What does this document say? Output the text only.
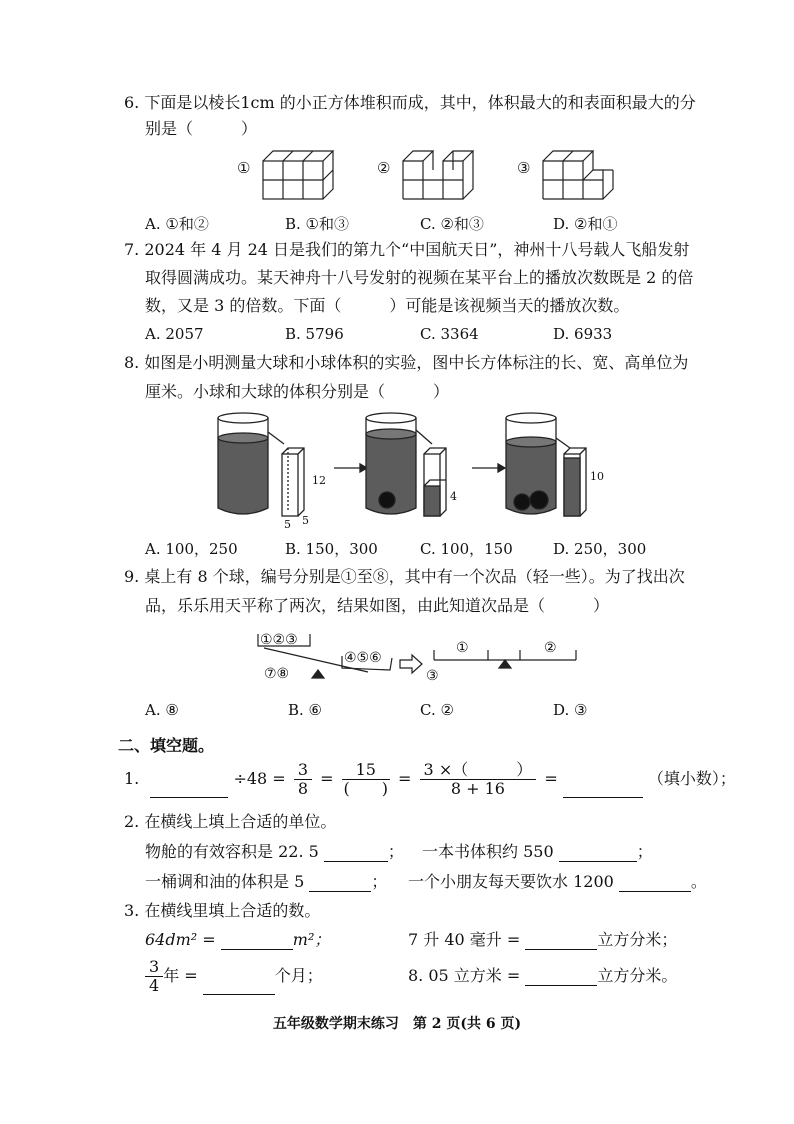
6. 下面是以棱长1cm 的小正方体堆积而成，其中，体积最大的和表面积最大的分
别是（　　　）
①	②	③
A. ①和②	B. ①和③	C. ②和③	D. ②和①
7. 2024 年 4 月 24 日是我们的第九个“中国航天日”，神州十八号载人飞船发射
取得圆满成功。某天神舟十八号发射的视频在某平台上的播放次数既是 2 的倍
数，又是 3 的倍数。下面（　　　）可能是该视频当天的播放次数。
A. 2057	B. 5796	C. 3364	D. 6933
8. 如图是小明测量大球和小球体积的实验，图中长方体标注的长、宽、高单位为
厘米。小球和大球的体积分别是（　　　）
12
5 5
4
10
A. 100，250	B. 150，300	C. 100，150	D. 250，300
9. 桌上有 8 个球，编号分别是①至⑧，其中有一个次品（轻一些）。为了找出次
品，乐乐用天平称了两次，结果如图，由此知道次品是（　　　）
①②③
④⑤⑥
⑦⑧
①	②
③
A. ⑧	B. ⑥	C. ②	D. ③
二、填空题。
1.	$\div 48 = \frac{3}{8} = \frac{15}{( )} = \frac{3 \times( )}{8 + 16}$ =	（填小数）；
2. 在横线上填上合适的单位。
物舱的有效容积是 22. 5	； 一本书体积约 550	；
一桶调和油的体积是 5	； 一个小朋友每天要饮水 1200	。
3. 在横线里填上合适的数。
64dm² =	m²；	7 升 40 毫升 =	立方分米；
$\frac{3}{4}$ 年 =	个月；	8. 05 立方米 =	立方分米。
五年级数学期末练习　第 2 页(共 6 页)
